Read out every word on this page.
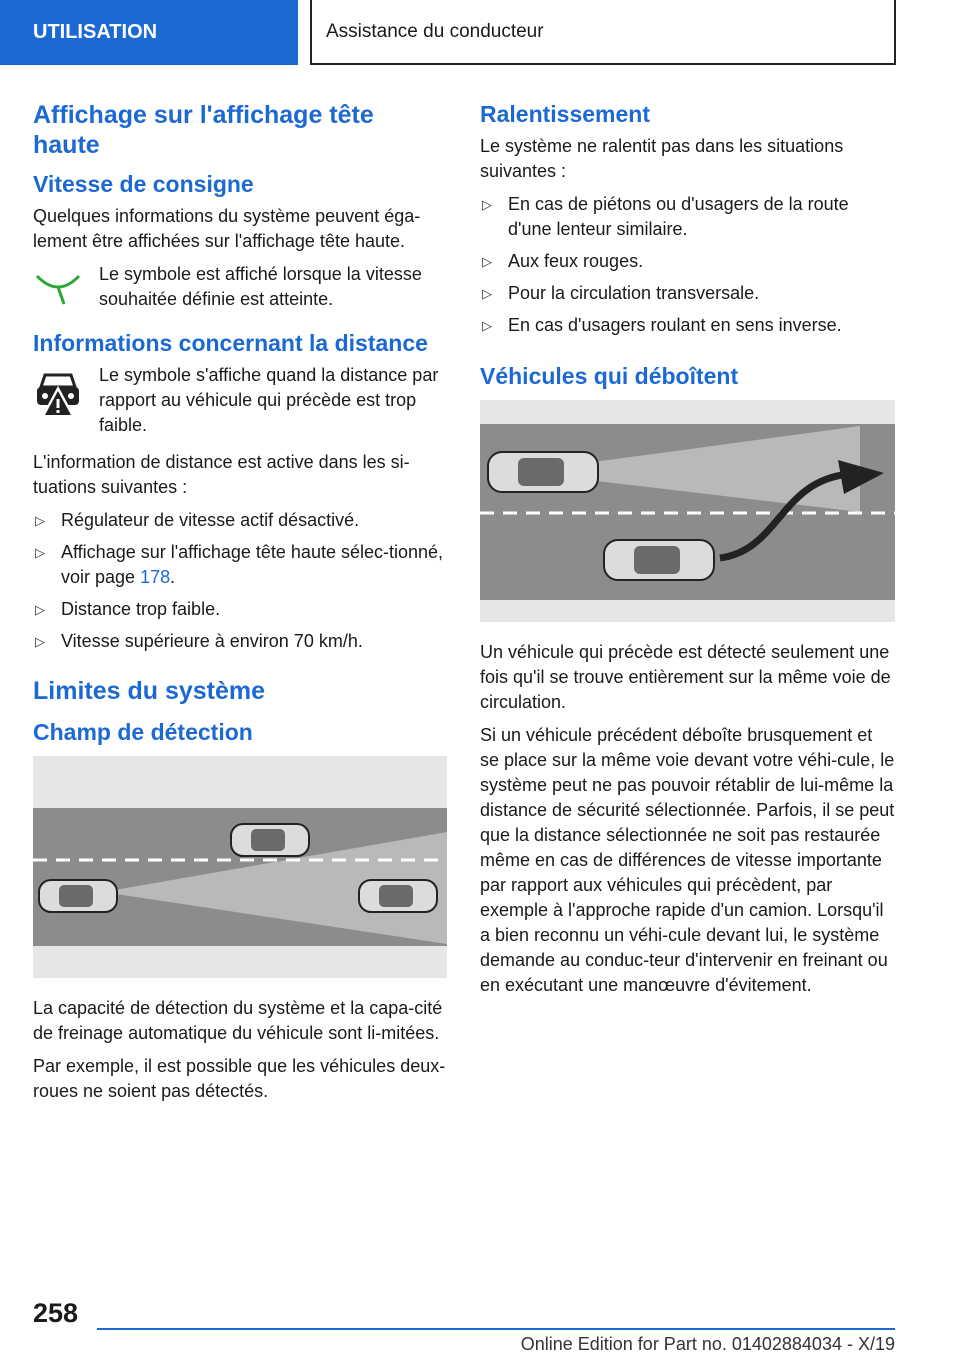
UTILISATION	Assistance du conducteur
Affichage sur l'affichage tête haute
Vitesse de consigne

Quelques informations du système peuvent éga-lement être affichées sur l'affichage tête haute.

Le symbole est affiché lorsque la vitesse souhaitée définie est atteinte.

Informations concernant la distance

Le symbole s'affiche quand la distance par rapport au véhicule qui précède est trop faible.

L'information de distance est active dans les si-tuations suivantes :

▷ Régulateur de vitesse actif désactivé.
▷ Affichage sur l'affichage tête haute sélec-tionné, voir page 178.
▷ Distance trop faible.
▷ Vitesse supérieure à environ 70 km/h.
Limites du système
Champ de détection

La capacité de détection du système et la capa-cité de freinage automatique du véhicule sont li-mitées.

Par exemple, il est possible que les véhicules deux-roues ne soient pas détectés.

Ralentissement

Le système ne ralentit pas dans les situations suivantes :

▷ En cas de piétons ou d'usagers de la route d'une lenteur similaire.
▷ Aux feux rouges.
▷ Pour la circulation transversale.
▷ En cas d'usagers roulant en sens inverse.
Véhicules qui déboîtent

Un véhicule qui précède est détecté seulement une fois qu'il se trouve entièrement sur la même voie de circulation.

Si un véhicule précédent déboîte brusquement et se place sur la même voie devant votre véhi-cule, le système peut ne pas pouvoir rétablir de lui-même la distance de sécurité sélectionnée. Parfois, il se peut que la distance sélectionnée ne soit pas restaurée même en cas de différences de vitesse importante par rapport aux véhicules qui précèdent, par exemple à l'approche rapide d'un camion. Lorsqu'il a bien reconnu un véhi-cule devant lui, le système demande au conduc-teur d'intervenir en freinant ou en exécutant une manœuvre d'évitement.

258
Online Edition for Part no. 01402884034 - X/19
